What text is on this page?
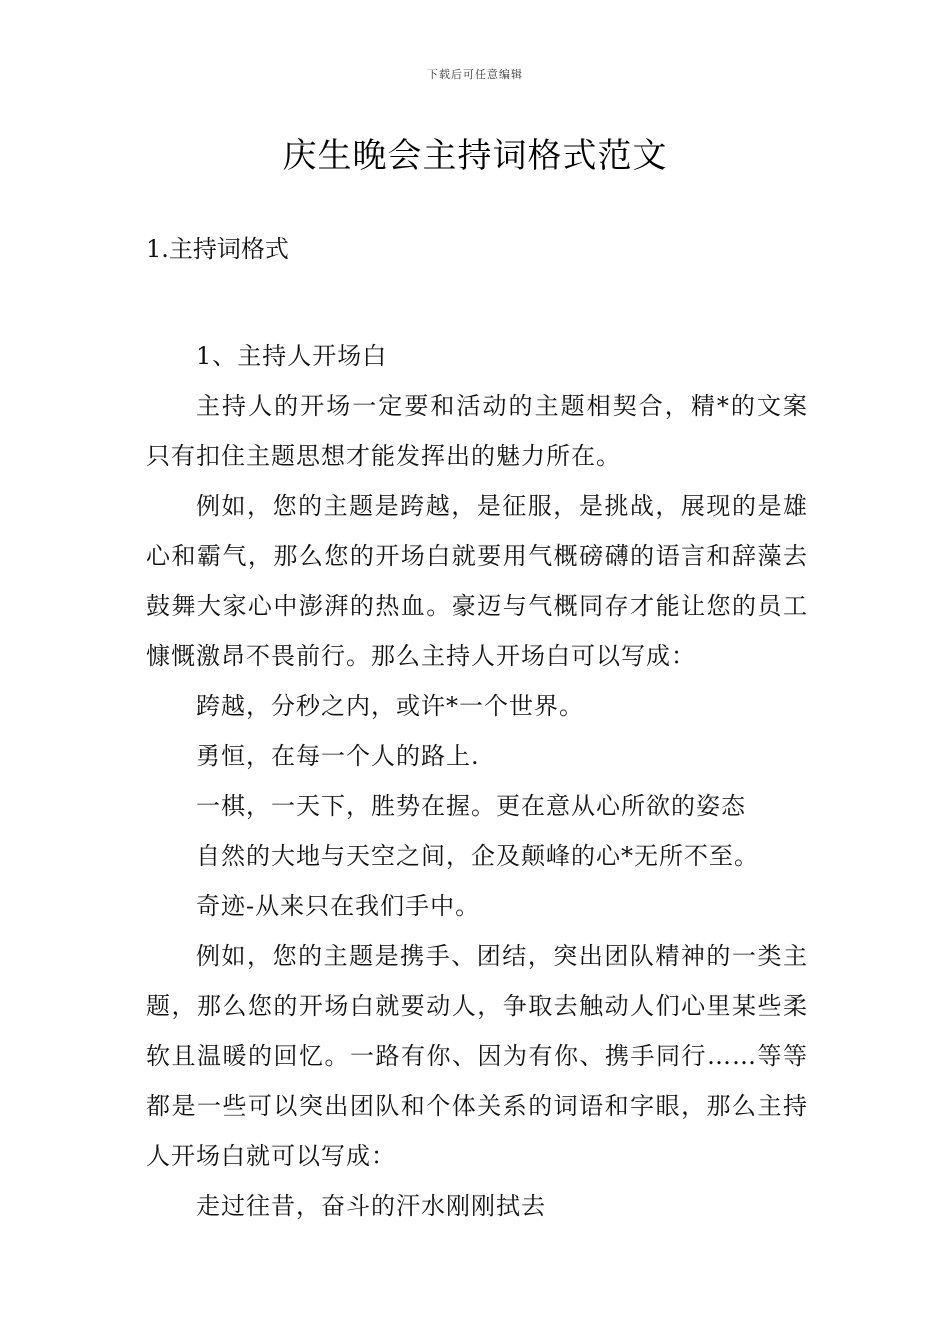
下载后可任意编辑
庆生晚会主持词格式范文
1.主持词格式

1、主持人开场白

主持人的开场一定要和活动的主题相契合，精*的文案只有扣住主题思想才能发挥出的魅力所在。

例如，您的主题是跨越，是征服，是挑战，展现的是雄心和霸气，那么您的开场白就要用气概磅礴的语言和辞藻去鼓舞大家心中澎湃的热血。豪迈与气概同存才能让您的员工慷慨激昂不畏前行。那么主持人开场白可以写成：

跨越，分秒之内，或许*一个世界。

勇恒，在每一个人的路上.

一棋，一天下，胜势在握。更在意从心所欲的姿态

自然的大地与天空之间，企及颠峰的心*无所不至。

奇迹-从来只在我们手中。

例如，您的主题是携手、团结，突出团队精神的一类主题，那么您的开场白就要动人，争取去触动人们心里某些柔软且温暖的回忆。一路有你、因为有你、携手同行……等等都是一些可以突出团队和个体关系的词语和字眼，那么主持人开场白就可以写成：

走过往昔，奋斗的汗水刚刚拭去
